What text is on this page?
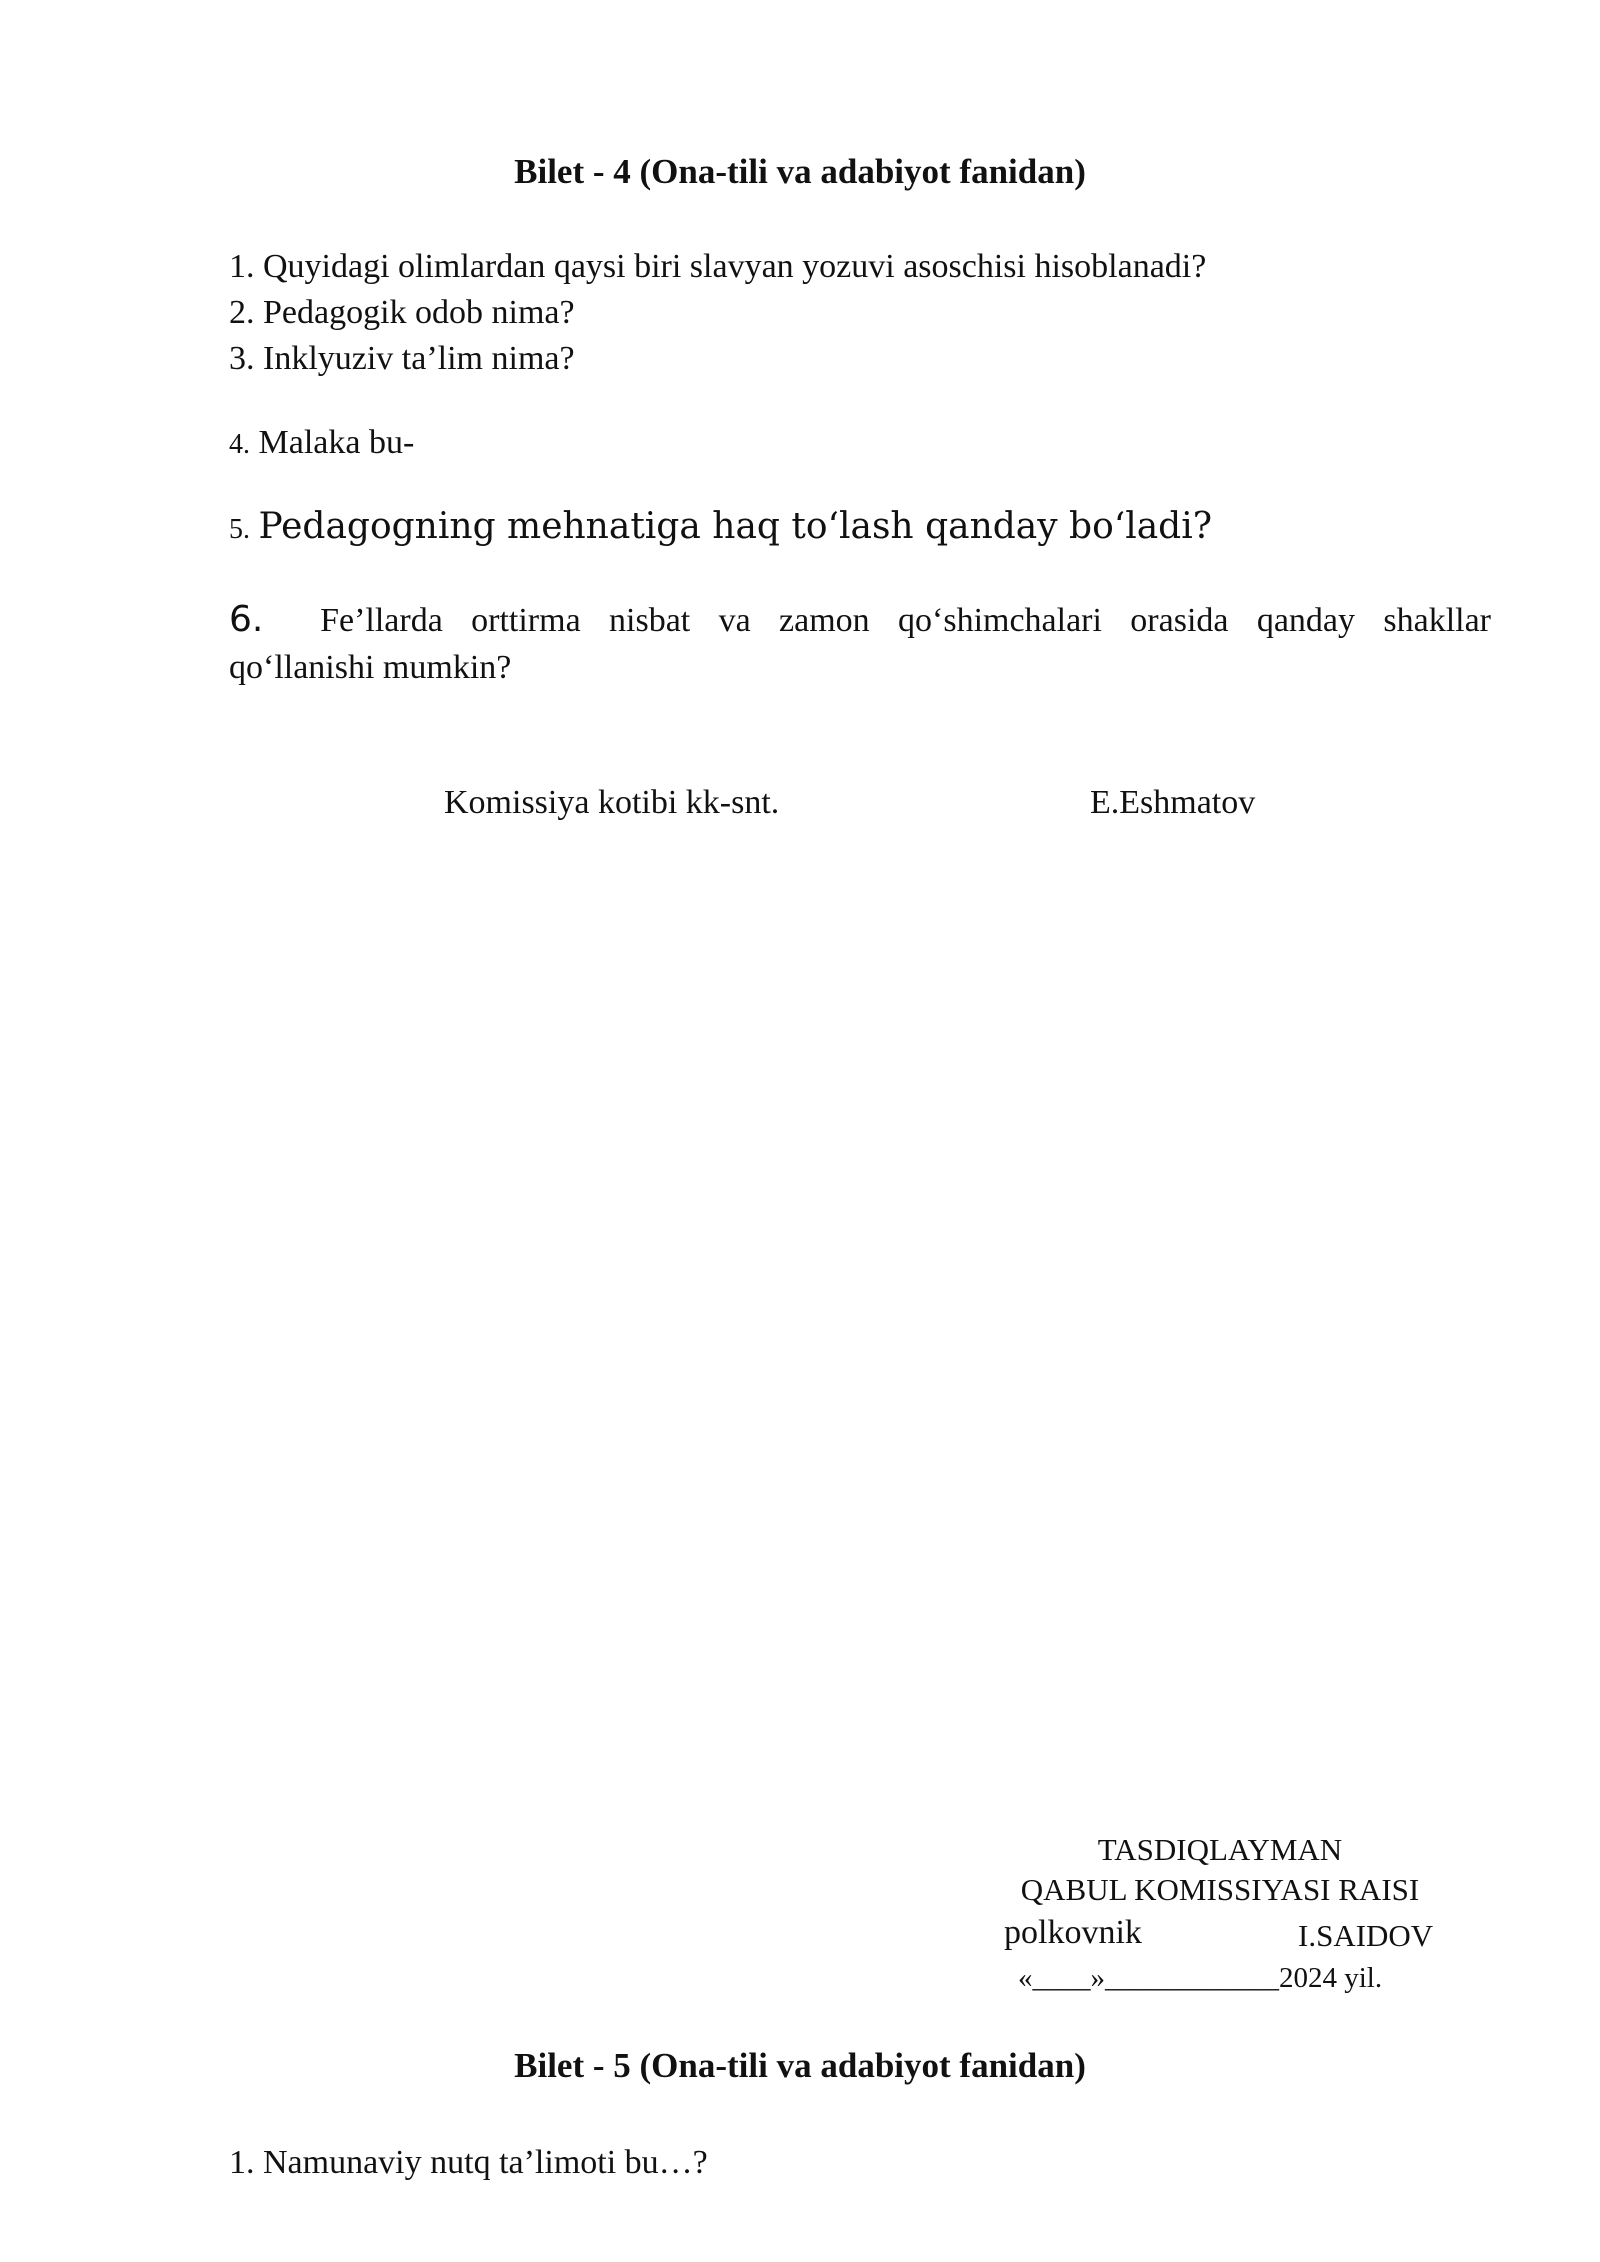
Bilet - 4 (Ona-tili va adabiyot fanidan)
1. Quyidagi olimlardan qaysi biri slavyan yozuvi asoschisi hisoblanadi?
2. Pedagogik odob nima?
3. Inklyuziv ta’lim nima?
4. Malaka bu-
5. Pedagogning mehnatiga haq toʻlash qanday boʻladi?
6. Fe’llarda orttirma nisbat va zamon qoʻshimchalari orasida qanday shakllar
qoʻllanishi mumkin?
Komissiya kotibi kk-snt.	E.Eshmatov
TASDIQLAYMAN
QABUL KOMISSIYASI RAISI
polkovnik	I.SAIDOV
«____»____________2024 yil.
Bilet - 5 (Ona-tili va adabiyot fanidan)
1. Namunaviy nutq ta’limoti bu…?
